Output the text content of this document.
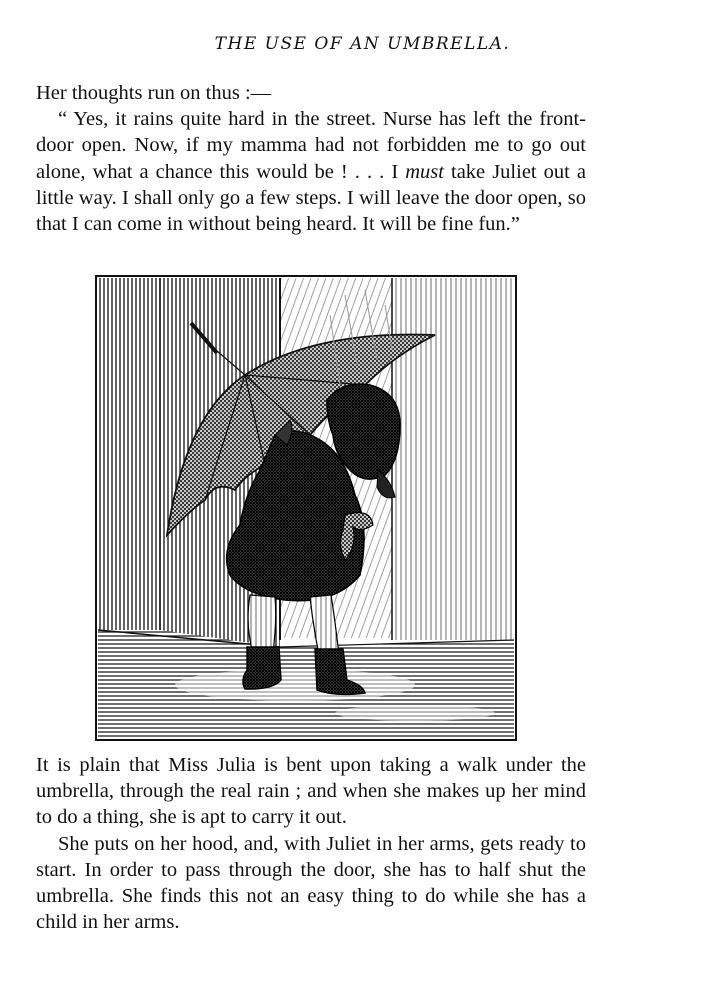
THE USE OF AN UMBRELLA.

Her thoughts run on thus :—

“ Yes, it rains quite hard in the street. Nurse has left the front-door open. Now, if my mamma had not forbidden me to go out alone, what a chance this would be ! . . . I must take Juliet out a little way. I shall only go a few steps. I will leave the door open, so that I can come in without being heard. It will be fine fun.”

It is plain that Miss Julia is bent upon taking a walk under the umbrella, through the real rain ; and when she makes up her mind to do a thing, she is apt to carry it out.

She puts on her hood, and, with Juliet in her arms, gets ready to start. In order to pass through the door, she has to half shut the umbrella. She finds this not an easy thing to do while she has a child in her arms.
